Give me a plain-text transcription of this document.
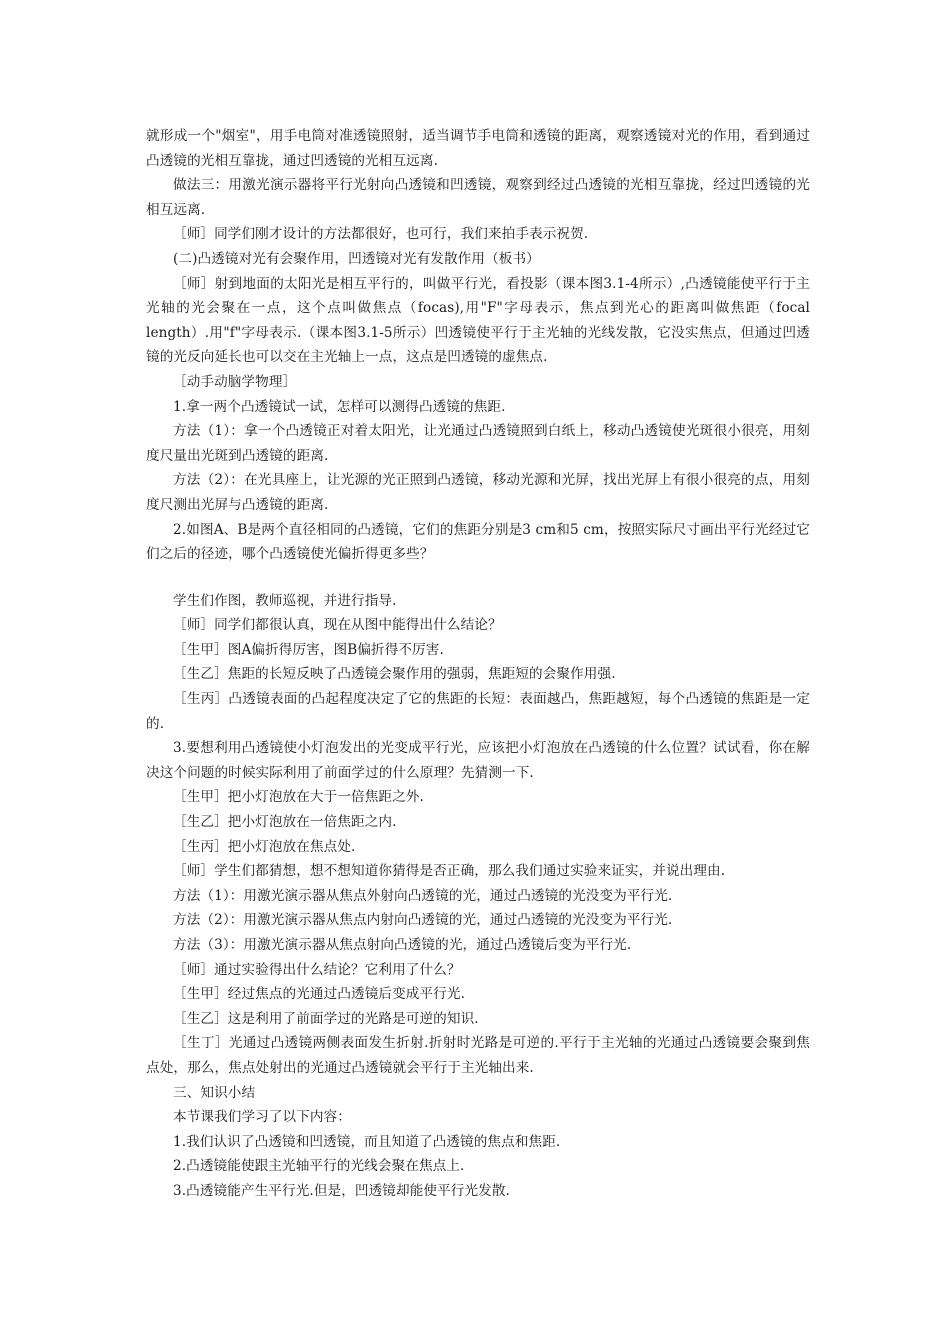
就形成一个"烟室"，用手电筒对准透镜照射，适当调节手电筒和透镜的距离，观察透镜对光的作用，看到通过凸透镜的光相互靠拢，通过凹透镜的光相互远离.

做法三：用激光演示器将平行光射向凸透镜和凹透镜，观察到经过凸透镜的光相互靠拢，经过凹透镜的光相互远离.

［师］同学们刚才设计的方法都很好，也可行，我们来拍手表示祝贺.

(二)凸透镜对光有会聚作用，凹透镜对光有发散作用（板书）

［师］射到地面的太阳光是相互平行的，叫做平行光，看投影（课本图3.1-4所示）,凸透镜能使平行于主光轴的光会聚在一点，这个点叫做焦点（focas),用"F"字母表示，焦点到光心的距离叫做焦距（focal length）.用"f"字母表示.（课本图3.1-5所示）凹透镜使平行于主光轴的光线发散，它没实焦点，但通过凹透镜的光反向延长也可以交在主光轴上一点，这点是凹透镜的虚焦点.

［动手动脑学物理］

1.拿一两个凸透镜试一试，怎样可以测得凸透镜的焦距.

方法（1）：拿一个凸透镜正对着太阳光，让光通过凸透镜照到白纸上，移动凸透镜使光斑很小很亮，用刻度尺量出光斑到凸透镜的距离.

方法（2）：在光具座上，让光源的光正照到凸透镜，移动光源和光屏，找出光屏上有很小很亮的点，用刻度尺测出光屏与凸透镜的距离.

2.如图A、B是两个直径相同的凸透镜，它们的焦距分别是3 cm和5 cm，按照实际尺寸画出平行光经过它们之后的径迹，哪个凸透镜使光偏折得更多些？

学生们作图，教师巡视，并进行指导.

［师］同学们都很认真，现在从图中能得出什么结论？

［生甲］图A偏折得厉害，图B偏折得不厉害.

［生乙］焦距的长短反映了凸透镜会聚作用的强弱，焦距短的会聚作用强.

［生丙］凸透镜表面的凸起程度决定了它的焦距的长短：表面越凸，焦距越短，每个凸透镜的焦距是一定的.

3.要想利用凸透镜使小灯泡发出的光变成平行光，应该把小灯泡放在凸透镜的什么位置？试试看，你在解决这个问题的时候实际利用了前面学过的什么原理？先猜测一下.

［生甲］把小灯泡放在大于一倍焦距之外.

［生乙］把小灯泡放在一倍焦距之内.

［生丙］把小灯泡放在焦点处.

［师］学生们都猜想，想不想知道你猜得是否正确，那么我们通过实验来证实，并说出理由.

方法（1）：用激光演示器从焦点外射向凸透镜的光，通过凸透镜的光没变为平行光.

方法（2）：用激光演示器从焦点内射向凸透镜的光，通过凸透镜的光没变为平行光.

方法（3）：用激光演示器从焦点射向凸透镜的光，通过凸透镜后变为平行光.

［师］通过实验得出什么结论？它利用了什么？

［生甲］经过焦点的光通过凸透镜后变成平行光.

［生乙］这是利用了前面学过的光路是可逆的知识.

［生丁］光通过凸透镜两侧表面发生折射.折射时光路是可逆的.平行于主光轴的光通过凸透镜要会聚到焦点处，那么，焦点处射出的光通过凸透镜就会平行于主光轴出来.

三、知识小结

本节课我们学习了以下内容：

1.我们认识了凸透镜和凹透镜，而且知道了凸透镜的焦点和焦距.

2.凸透镜能使跟主光轴平行的光线会聚在焦点上.

3.凸透镜能产生平行光.但是，凹透镜却能使平行光发散.
